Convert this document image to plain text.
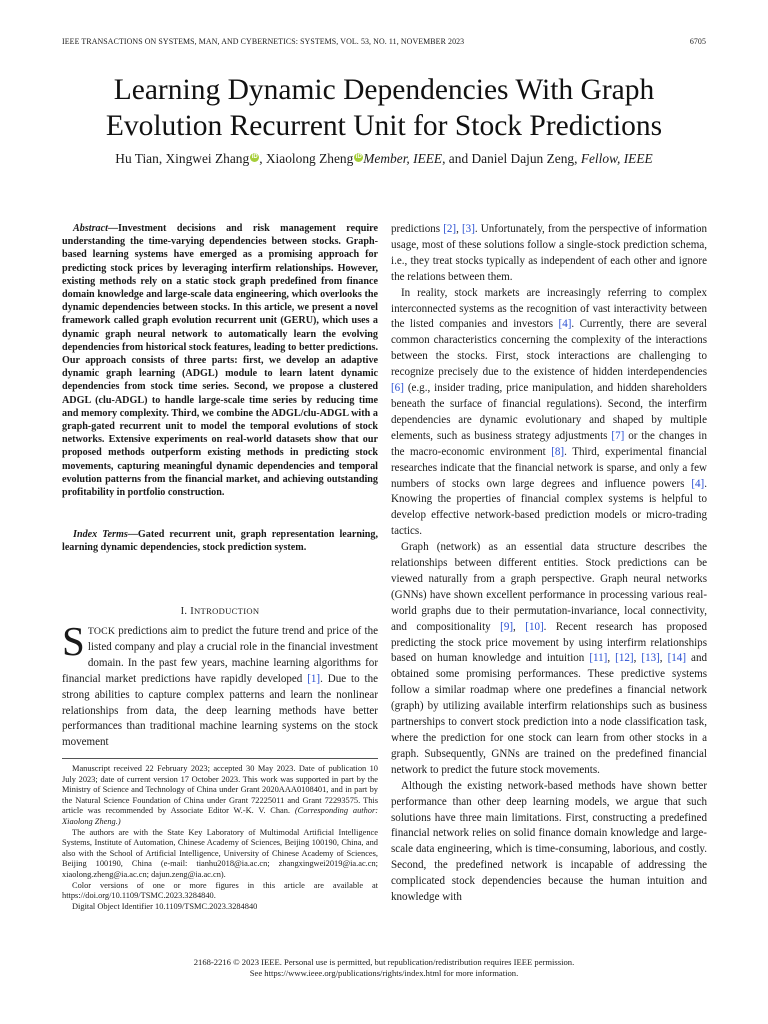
IEEE TRANSACTIONS ON SYSTEMS, MAN, AND CYBERNETICS: SYSTEMS, VOL. 53, NO. 11, NOVEMBER 2023	6705
Learning Dynamic Dependencies With Graph
Evolution Recurrent Unit for Stock Predictions
Hu Tian, Xingwei Zhang iD , Xiaolong Zheng iD Member, IEEE, and Daniel Dajun Zeng, Fellow, IEEE

Abstract—Investment decisions and risk management require understanding the time-varying dependencies between stocks. Graph-based learning systems have emerged as a promising approach for predicting stock prices by leveraging interfirm relationships. However, existing methods rely on a static stock graph predefined from finance domain knowledge and large-scale data engineering, which overlooks the dynamic dependencies between stocks. In this article, we present a novel framework called graph evolution recurrent unit (GERU), which uses a dynamic graph neural network to automatically learn the evolving dependencies from historical stock features, leading to better predictions. Our approach consists of three parts: first, we develop an adaptive dynamic graph learning (ADGL) module to learn latent dynamic dependencies from stock time series. Second, we propose a clustered ADGL (clu-ADGL) to handle large-scale time series by reducing time and memory complexity. Third, we combine the ADGL/clu-ADGL with a graph-gated recurrent unit to model the temporal evolutions of stock networks. Extensive experiments on real-world datasets show that our proposed methods outperform existing methods in predicting stock movements, capturing meaningful dynamic dependencies and temporal evolution patterns from the financial market, and achieving outstanding profitability in portfolio construction.

Index Terms—Gated recurrent unit, graph representation learning, learning dynamic dependencies, stock prediction system.

I. INTRODUCTION

STOCK predictions aim to predict the future trend and price of the listed company and play a crucial role in the financial investment domain. In the past few years, machine learning algorithms for financial market predictions have rapidly developed [1]. Due to the strong abilities to capture complex patterns and learn the nonlinear relationships from data, the deep learning methods have better performances than traditional machine learning systems on the stock movement

Manuscript received 22 February 2023; accepted 30 May 2023. Date of publication 10 July 2023; date of current version 17 October 2023. This work was supported in part by the Ministry of Science and Technology of China under Grant 2020AAA0108401, and in part by the Natural Science Foundation of China under Grant 72225011 and Grant 72293575. This article was recommended by Associate Editor W.-K. V. Chan. (Corresponding author: Xiaolong Zheng.)

The authors are with the State Key Laboratory of Multimodal Artificial Intelligence Systems, Institute of Automation, Chinese Academy of Sciences, Beijing 100190, China, and also with the School of Artificial Intelligence, University of Chinese Academy of Sciences, Beijing 100190, China (e-mail: tianhu2018@ia.ac.cn; zhangxingwei2019@ia.ac.cn; xiaolong.zheng@ia.ac.cn; dajun.zeng@ia.ac.cn).

Color versions of one or more figures in this article are available at https://doi.org/10.1109/TSMC.2023.3284840.

Digital Object Identifier 10.1109/TSMC.2023.3284840

predictions [2], [3]. Unfortunately, from the perspective of information usage, most of these solutions follow a single-stock prediction schema, i.e., they treat stocks typically as independent of each other and ignore the relations between them.

In reality, stock markets are increasingly referring to complex interconnected systems as the recognition of vast interactivity between the listed companies and investors [4]. Currently, there are several common characteristics concerning the complexity of the interactions between the stocks. First, stock interactions are challenging to recognize precisely due to the existence of hidden interdependencies [6] (e.g., insider trading, price manipulation, and hidden shareholders beneath the surface of financial regulations). Second, the interfirm dependencies are dynamic evolutionary and shaped by multiple elements, such as business strategy adjustments [7] or the changes in the macro-economic environment [8]. Third, experimental financial researches indicate that the financial network is sparse, and only a few numbers of stocks own large degrees and influence powers [4]. Knowing the properties of financial complex systems is helpful to develop effective network-based prediction models or micro-trading tactics.

Graph (network) as an essential data structure describes the relationships between different entities. Stock predictions can be viewed naturally from a graph perspective. Graph neural networks (GNNs) have shown excellent performance in processing various real-world graphs due to their permutation-invariance, local connectivity, and compositionality [9], [10]. Recent research has proposed predicting the stock price movement by using interfirm relationships based on human knowledge and intuition [11], [12], [13], [14] and obtained some promising performances. These predictive systems follow a similar roadmap where one predefines a financial network (graph) by utilizing available interfirm relationships such as business partnerships to convert stock prediction into a node classification task, where the prediction for one stock can learn from other stocks in a graph. Subsequently, GNNs are trained on the predefined financial network to predict the future stock movements.

Although the existing network-based methods have shown better performance than other deep learning models, we argue that such solutions have three main limitations. First, constructing a predefined financial network relies on solid finance domain knowledge and large-scale data engineering, which is time-consuming, laborious, and costly. Second, the predefined network is incapable of addressing the complicated stock dependencies because the human intuition and knowledge with

2168-2216 © 2023 IEEE. Personal use is permitted, but republication/redistribution requires IEEE permission.
See https://www.ieee.org/publications/rights/index.html for more information.
